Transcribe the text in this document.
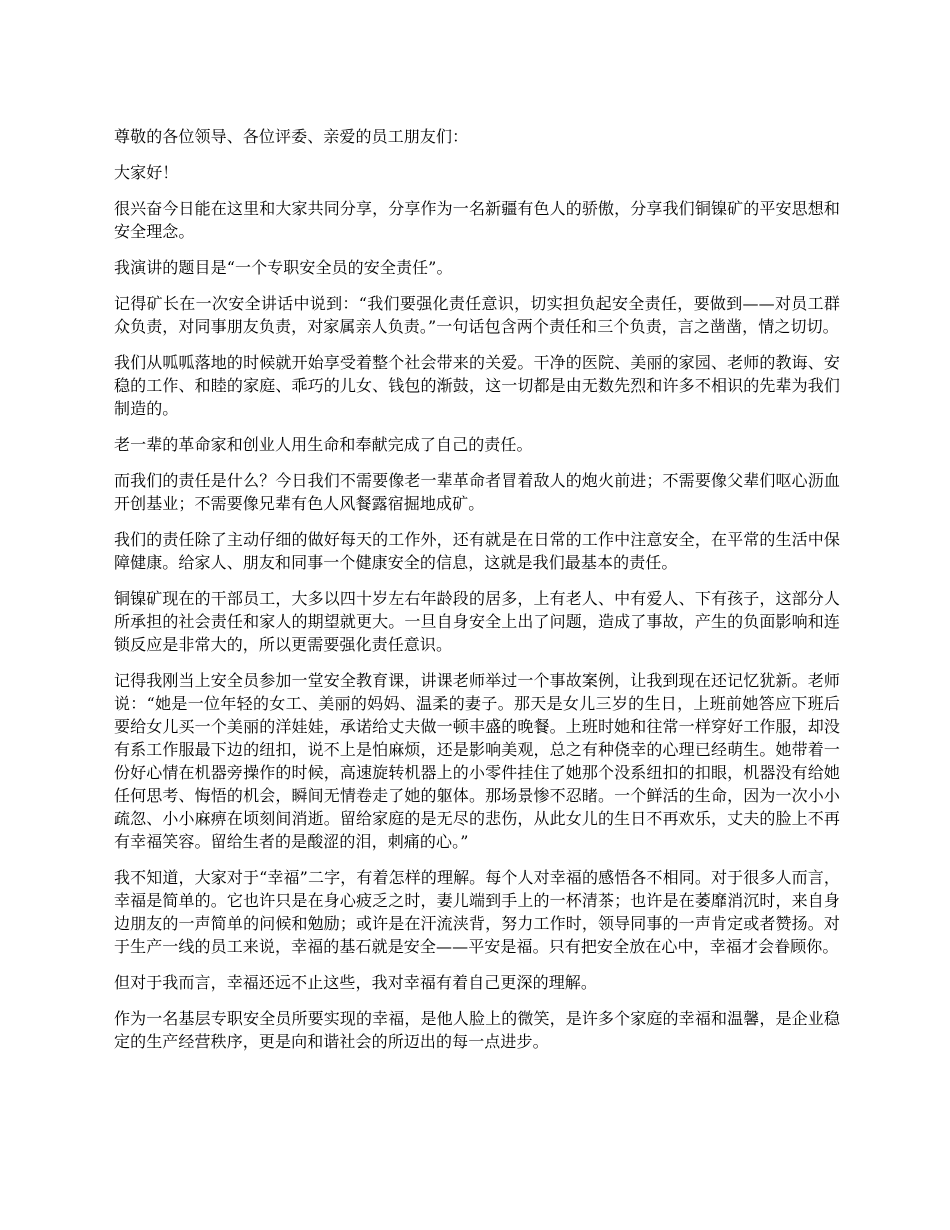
尊敬的各位领导、各位评委、亲爱的员工朋友们：

大家好！

很兴奋今日能在这里和大家共同分享，分享作为一名新疆有色人的骄傲，分享我们铜镍矿的平安思想和安全理念。

我演讲的题目是“一个专职安全员的安全责任”。

记得矿长在一次安全讲话中说到：“我们要强化责任意识，切实担负起安全责任，要做到——对员工群众负责，对同事朋友负责，对家属亲人负责。”一句话包含两个责任和三个负责，言之凿凿，情之切切。

我们从呱呱落地的时候就开始享受着整个社会带来的关爱。干净的医院、美丽的家园、老师的教诲、安稳的工作、和睦的家庭、乖巧的儿女、钱包的渐鼓，这一切都是由无数先烈和许多不相识的先辈为我们制造的。

老一辈的革命家和创业人用生命和奉献完成了自己的责任。

而我们的责任是什么？今日我们不需要像老一辈革命者冒着敌人的炮火前进；不需要像父辈们呕心沥血开创基业；不需要像兄辈有色人风餐露宿掘地成矿。

我们的责任除了主动仔细的做好每天的工作外，还有就是在日常的工作中注意安全，在平常的生活中保障健康。给家人、朋友和同事一个健康安全的信息，这就是我们最基本的责任。

铜镍矿现在的干部员工，大多以四十岁左右年龄段的居多，上有老人、中有爱人、下有孩子，这部分人所承担的社会责任和家人的期望就更大。一旦自身安全上出了问题，造成了事故，产生的负面影响和连锁反应是非常大的，所以更需要强化责任意识。

记得我刚当上安全员参加一堂安全教育课，讲课老师举过一个事故案例，让我到现在还记忆犹新。老师说：“她是一位年轻的女工、美丽的妈妈、温柔的妻子。那天是女儿三岁的生日，上班前她答应下班后要给女儿买一个美丽的洋娃娃，承诺给丈夫做一顿丰盛的晚餐。上班时她和往常一样穿好工作服，却没有系工作服最下边的纽扣，说不上是怕麻烦，还是影响美观，总之有种侥幸的心理已经萌生。她带着一份好心情在机器旁操作的时候，高速旋转机器上的小零件挂住了她那个没系纽扣的扣眼，机器没有给她任何思考、悔悟的机会，瞬间无情卷走了她的躯体。那场景惨不忍睹。一个鲜活的生命，因为一次小小疏忽、小小麻痹在顷刻间消逝。留给家庭的是无尽的悲伤，从此女儿的生日不再欢乐，丈夫的脸上不再有幸福笑容。留给生者的是酸涩的泪，刺痛的心。”

我不知道，大家对于“幸福”二字，有着怎样的理解。每个人对幸福的感悟各不相同。对于很多人而言，幸福是简单的。它也许只是在身心疲乏之时，妻儿端到手上的一杯清茶；也许是在萎靡消沉时，来自身边朋友的一声简单的问候和勉励；或许是在汗流浃背，努力工作时，领导同事的一声肯定或者赞扬。对于生产一线的员工来说，幸福的基石就是安全——平安是福。只有把安全放在心中，幸福才会眷顾你。

但对于我而言，幸福还远不止这些，我对幸福有着自己更深的理解。

作为一名基层专职安全员所要实现的幸福，是他人脸上的微笑，是许多个家庭的幸福和温馨，是企业稳定的生产经营秩序，更是向和谐社会的所迈出的每一点进步。
